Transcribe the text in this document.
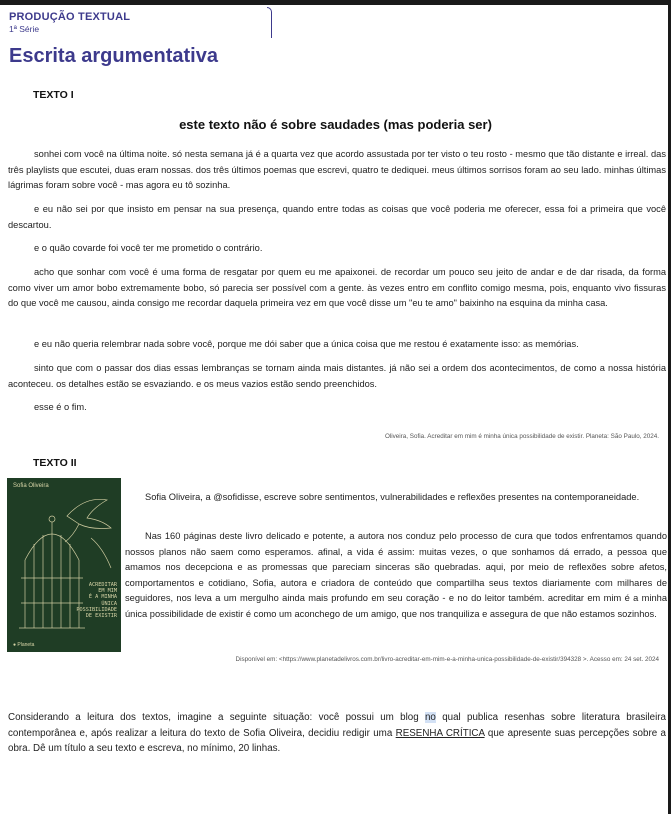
PRODUÇÃO TEXTUAL
1ª Série
Escrita argumentativa
TEXTO I
este texto não é sobre saudades (mas poderia ser)

sonhei com você na última noite. só nesta semana já é a quarta vez que acordo assustada por ter visto o teu rosto - mesmo que tão distante e irreal. das três playlists que escutei, duas eram nossas. dos três últimos poemas que escrevi, quatro te dediquei. meus últimos sorrisos foram ao seu lado. minhas últimas lágrimas foram sobre você - mas agora eu tô sozinha.

e eu não sei por que insisto em pensar na sua presença, quando entre todas as coisas que você poderia me oferecer, essa foi a primeira que você descartou.

e o quão covarde foi você ter me prometido o contrário.

acho que sonhar com você é uma forma de resgatar por quem eu me apaixonei. de recordar um pouco seu jeito de andar e de dar risada, da forma como viver um amor bobo extremamente bobo, só parecia ser possível com a gente. às vezes entro em conflito comigo mesma, pois, enquanto vivo fissuras do que você me causou, ainda consigo me recordar daquela primeira vez em que você disse um "eu te amo" baixinho na esquina da minha casa.

e eu não queria relembrar nada sobre você, porque me dói saber que a única coisa que me restou é exatamente isso: as memórias.

sinto que com o passar dos dias essas lembranças se tornam ainda mais distantes. já não sei a ordem dos acontecimentos, de como a nossa história aconteceu. os detalhes estão se esvaziando. e os meus vazios estão sendo preenchidos.

esse é o fim.

Oliveira, Sofia. Acreditar em mim é minha única possibilidade de existir. Planeta: São Paulo, 2024.
TEXTO II
Sofia Oliveira
ACREDITAR
EM MIM
É A MINHA
ÚNICA
POSSIBILIDADE
DE EXISTIR
● Planeta

Sofia Oliveira, a @sofidisse, escreve sobre sentimentos, vulnerabilidades e reflexões presentes na contemporaneidade.

Nas 160 páginas deste livro delicado e potente, a autora nos conduz pelo processo de cura que todos enfrentamos quando nossos planos não saem como esperamos. afinal, a vida é assim: muitas vezes, o que sonhamos dá errado, a pessoa que amamos nos decepciona e as promessas que pareciam sinceras são quebradas. aqui, por meio de reflexões sobre afetos, comportamentos e cotidiano, Sofia, autora e criadora de conteúdo que compartilha seus textos diariamente com milhares de seguidores, nos leva a um mergulho ainda mais profundo em seu coração - e no do leitor também. acreditar em mim é a minha única possibilidade de existir é como um aconchego de um amigo, que nos tranquiliza e assegura de que não estamos sozinhos.

Disponível em: <https://www.planetadelivros.com.br/livro-acreditar-em-mim-e-a-minha-unica-possibilidade-de-existir/394328 >. Acesso em: 24 set. 2024

Considerando a leitura dos textos, imagine a seguinte situação: você possui um blog no qual publica resenhas sobre literatura brasileira contemporânea e, após realizar a leitura do texto de Sofia Oliveira, decidiu redigir uma RESENHA CRÍTICA que apresente suas percepções sobre a obra. Dê um título a seu texto e escreva, no mínimo, 20 linhas.
